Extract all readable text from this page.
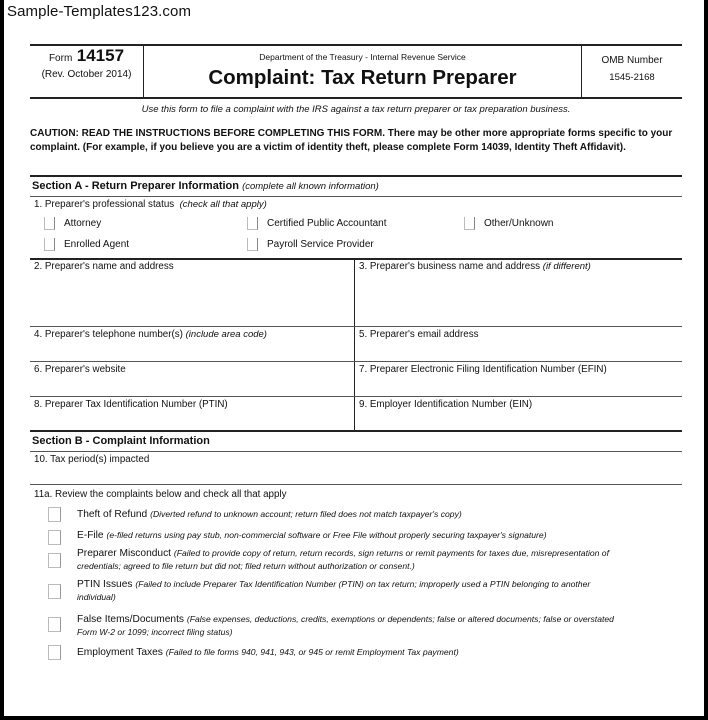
Sample-Templates123.com
Form 14157
(Rev. October 2014)
Department of the Treasury - Internal Revenue Service
Complaint: Tax Return Preparer
OMB Number
1545-2168
Use this form to file a complaint with the IRS against a tax return preparer or tax preparation business.
CAUTION: READ THE INSTRUCTIONS BEFORE COMPLETING THIS FORM. There may be other more appropriate forms specific to your complaint. (For example, if you believe you are a victim of identity theft, please complete Form 14039, Identity Theft Affidavit).
Section A - Return Preparer Information (complete all known information)
1. Preparer's professional status (check all that apply)
Attorney	Certified Public Accountant	Other/Unknown
Enrolled Agent	Payroll Service Provider
2. Preparer's name and address	3. Preparer's business name and address (if different)
4. Preparer's telephone number(s) (include area code)	5. Preparer's email address
6. Preparer's website	7. Preparer Electronic Filing Identification Number (EFIN)
8. Preparer Tax Identification Number (PTIN)	9. Employer Identification Number (EIN)
Section B - Complaint Information
10. Tax period(s) impacted
11a. Review the complaints below and check all that apply
Theft of Refund (Diverted refund to unknown account; return filed does not match taxpayer's copy)
E-File (e-filed returns using pay stub, non-commercial software or Free File without properly securing taxpayer's signature)
Preparer Misconduct (Failed to provide copy of return, return records, sign returns or remit payments for taxes due, misrepresentation of
credentials; agreed to file return but did not; filed return without authorization or consent.)
PTIN Issues (Failed to include Preparer Tax Identification Number (PTIN) on tax return; improperly used a PTIN belonging to another
individual)
False Items/Documents (False expenses, deductions, credits, exemptions or dependents; false or altered documents; false or overstated
Form W-2 or 1099; incorrect filing status)
Employment Taxes (Failed to file forms 940, 941, 943, or 945 or remit Employment Tax payment)
